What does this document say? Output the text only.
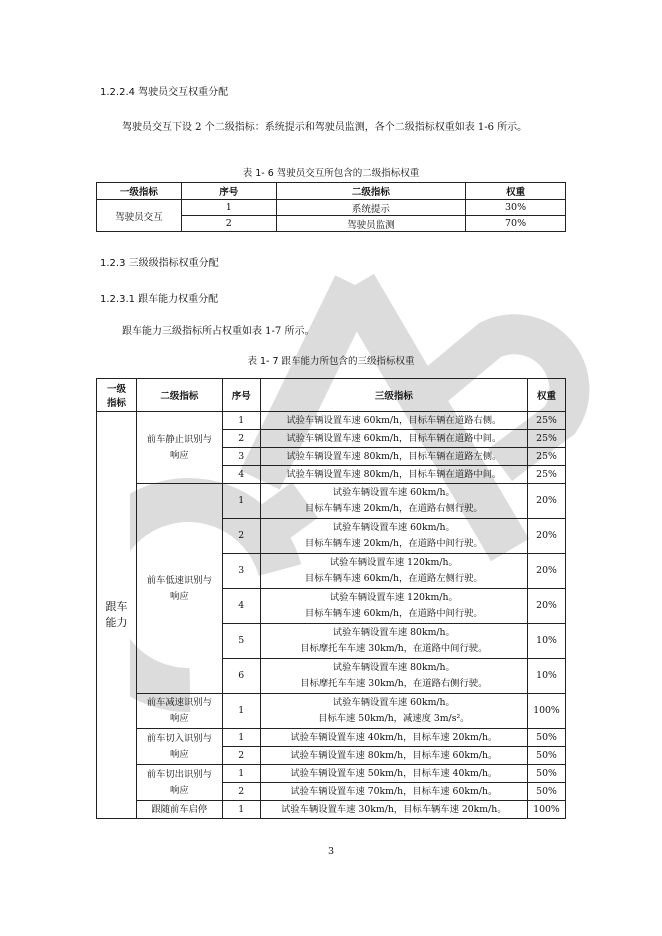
1.2.2.4 驾驶员交互权重分配
驾驶员交互下设 2 个二级指标：系统提示和驾驶员监测，各个二级指标权重如表 1-6 所示。
表 1- 6 驾驶员交互所包含的二级指标权重
一级指标	序号	二级指标	权重
驾驶员交互	1	系统提示	30%
	2	驾驶员监测	70%
1.2.3 三级级指标权重分配
1.2.3.1 跟车能力权重分配
跟车能力三级指标所占权重如表 1-7 所示。
表 1- 7 跟车能力所包含的三级指标权重
一级指标	二级指标	序号	三级指标	权重
跟车能力	前车静止识别与响应	1	试验车辆设置车速 60km/h，目标车辆在道路右侧。	25%
		2	试验车辆设置车速 60km/h，目标车辆在道路中间。	25%
		3	试验车辆设置车速 80km/h，目标车辆在道路左侧。	25%
		4	试验车辆设置车速 80km/h，目标车辆在道路中间。	25%
	前车低速识别与响应	1	试验车辆设置车速 60km/h。
目标车辆车速 20km/h，在道路右侧行驶。	20%
		2	试验车辆设置车速 60km/h。
目标车辆车速 20km/h，在道路中间行驶。	20%
		3	试验车辆设置车速 120km/h。
目标车辆车速 60km/h，在道路左侧行驶。	20%
		4	试验车辆设置车速 120km/h。
目标车辆车速 60km/h，在道路中间行驶。	20%
		5	试验车辆设置车速 80km/h。
目标摩托车车速 30km/h，在道路中间行驶。	10%
		6	试验车辆设置车速 80km/h。
目标摩托车车速 30km/h，在道路右侧行驶。	10%
	前车减速识别与响应	1	试验车辆设置车速 60km/h。
目标车速 50km/h，减速度 3m/s²。	100%
	前车切入识别与响应	1	试验车辆设置车速 40km/h，目标车速 20km/h。	50%
		2	试验车辆设置车速 80km/h，目标车速 60km/h。	50%
	前车切出识别与响应	1	试验车辆设置车速 50km/h，目标车速 40km/h。	50%
		2	试验车辆设置车速 70km/h，目标车速 60km/h。	50%
	跟随前车启停	1	试验车辆设置车速 30km/h，目标车辆车速 20km/h。	100%
3
